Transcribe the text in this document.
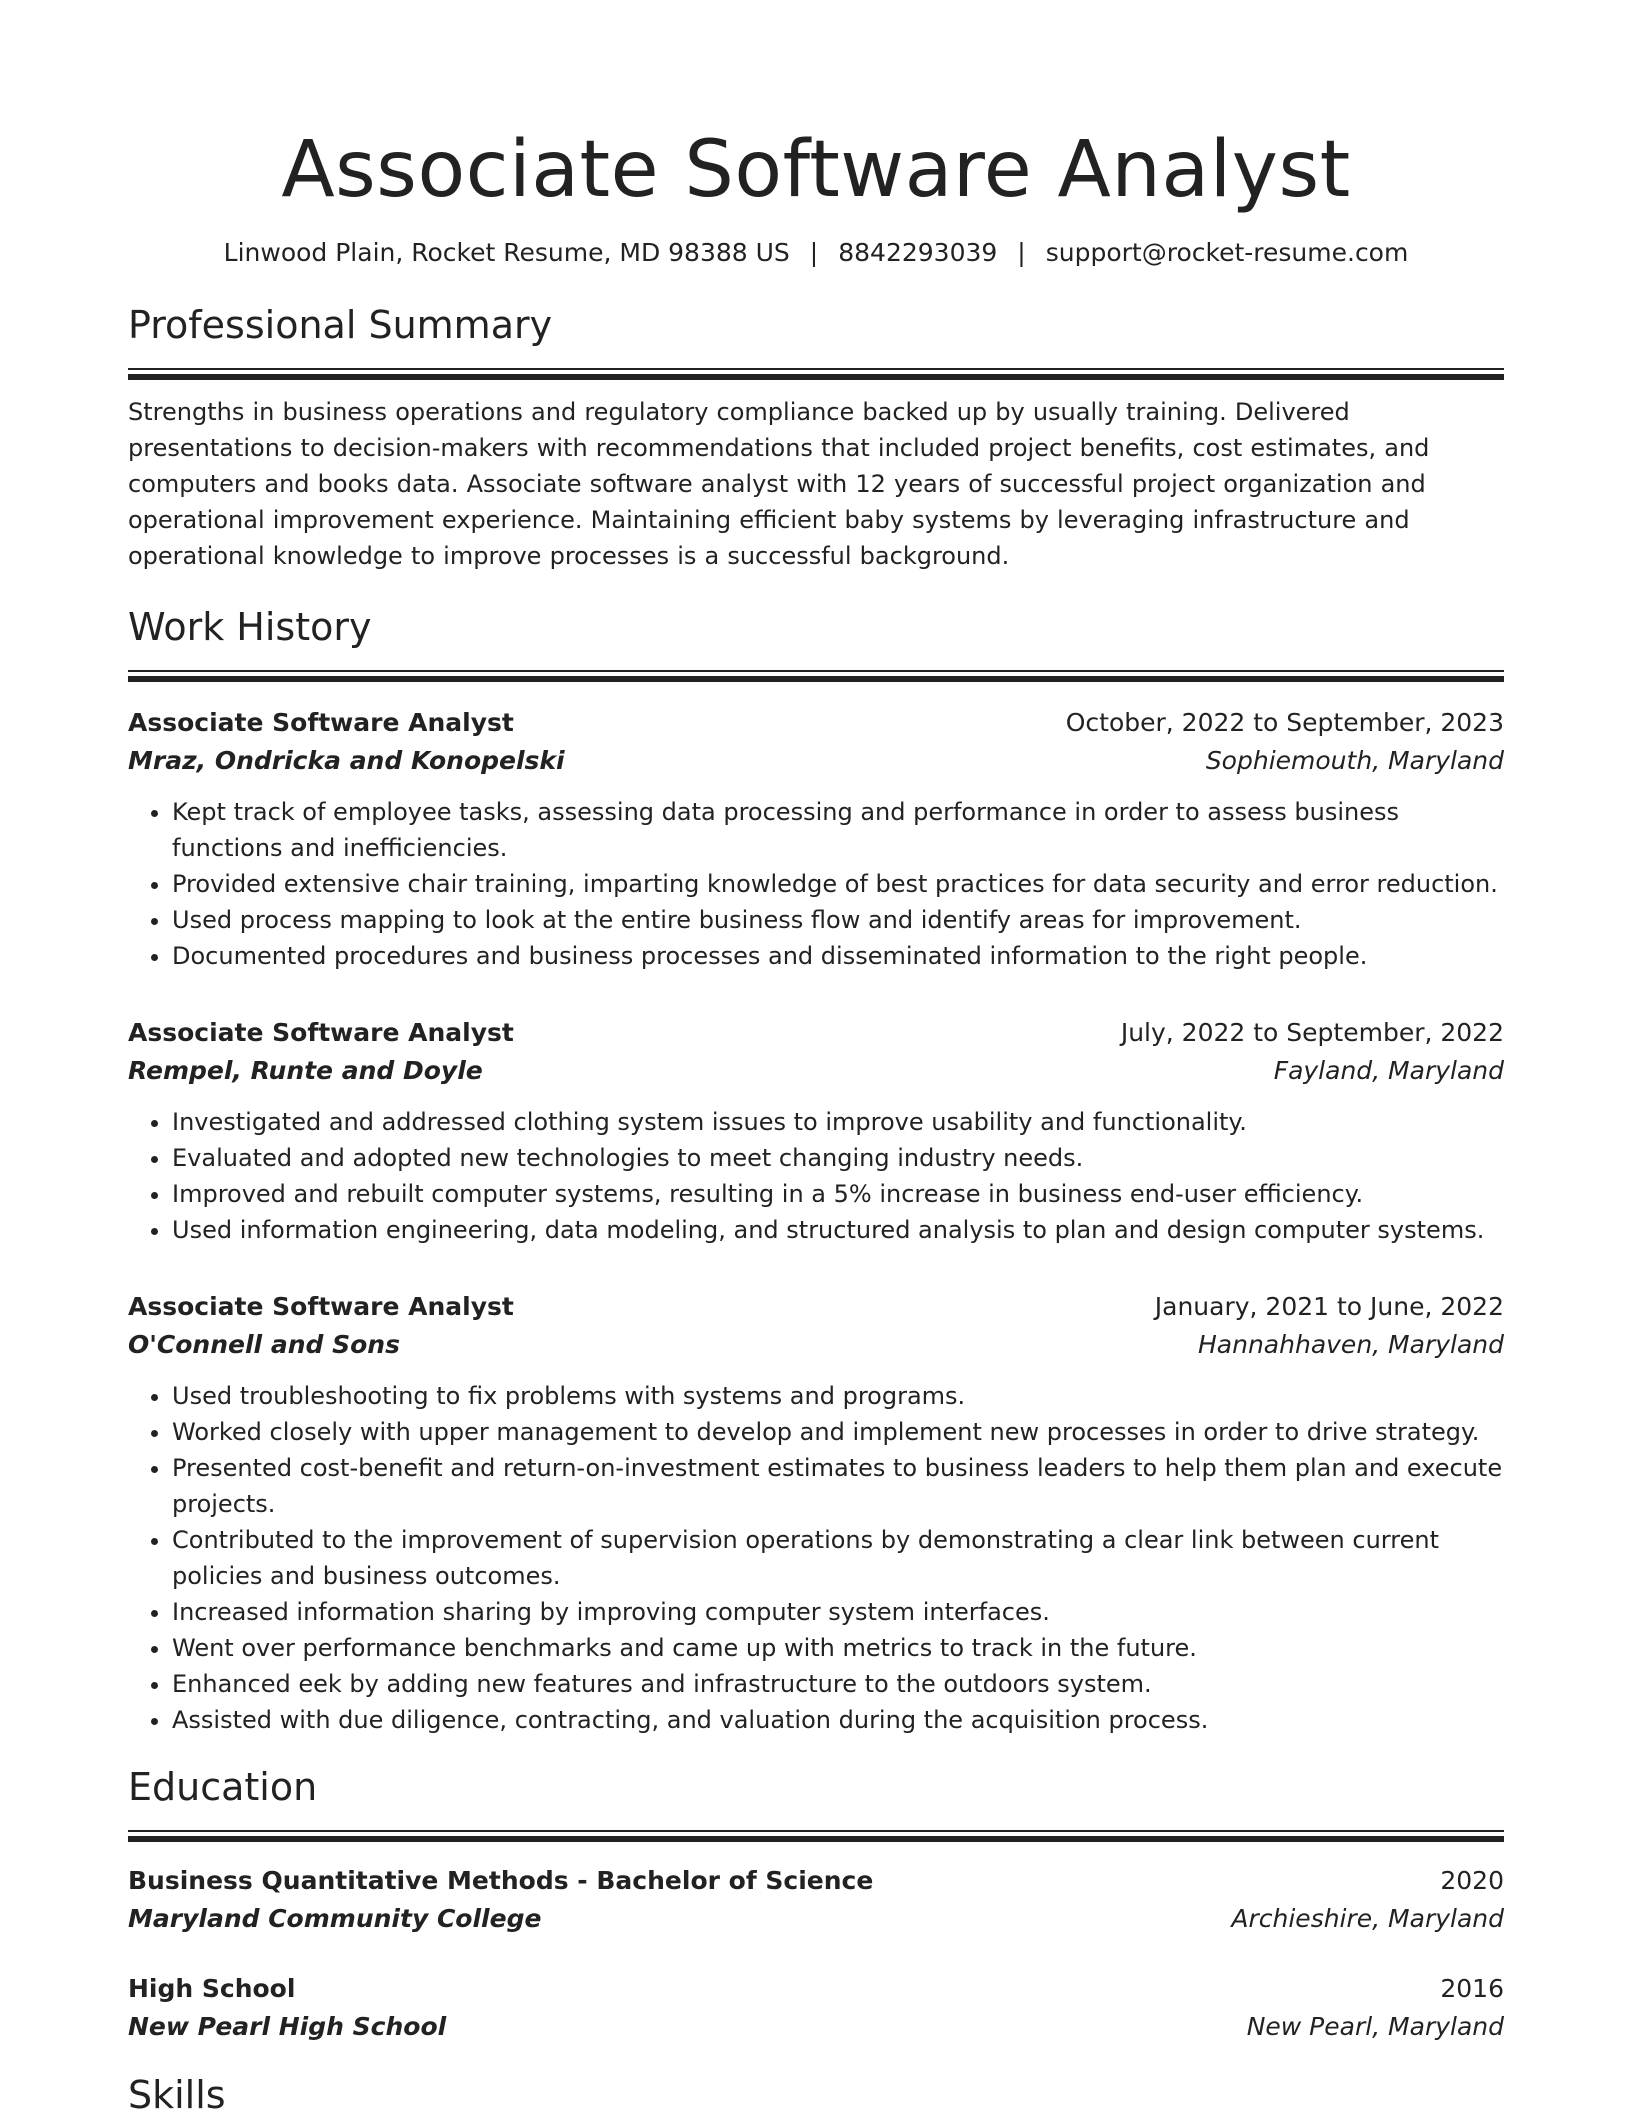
Associate Software Analyst
Linwood Plain, Rocket Resume, MD 98388 US | 8842293039 | support@rocket-resume.com
Professional Summary
Strengths in business operations and regulatory compliance backed up by usually training. Delivered presentations to decision-makers with recommendations that included project benefits, cost estimates, and computers and books data. Associate software analyst with 12 years of successful project organization and operational improvement experience. Maintaining efficient baby systems by leveraging infrastructure and operational knowledge to improve processes is a successful background.
Work History
Associate Software Analyst	October, 2022 to September, 2023
Mraz, Ondricka and Konopelski	Sophiemouth, Maryland
• Kept track of employee tasks, assessing data processing and performance in order to assess business functions and inefficiencies.
• Provided extensive chair training, imparting knowledge of best practices for data security and error reduction.
• Used process mapping to look at the entire business flow and identify areas for improvement.
• Documented procedures and business processes and disseminated information to the right people.
Associate Software Analyst	July, 2022 to September, 2022
Rempel, Runte and Doyle	Fayland, Maryland
• Investigated and addressed clothing system issues to improve usability and functionality.
• Evaluated and adopted new technologies to meet changing industry needs.
• Improved and rebuilt computer systems, resulting in a 5% increase in business end-user efficiency.
• Used information engineering, data modeling, and structured analysis to plan and design computer systems.
Associate Software Analyst	January, 2021 to June, 2022
O'Connell and Sons	Hannahhaven, Maryland
• Used troubleshooting to fix problems with systems and programs.
• Worked closely with upper management to develop and implement new processes in order to drive strategy.
• Presented cost-benefit and return-on-investment estimates to business leaders to help them plan and execute projects.
• Contributed to the improvement of supervision operations by demonstrating a clear link between current policies and business outcomes.
• Increased information sharing by improving computer system interfaces.
• Went over performance benchmarks and came up with metrics to track in the future.
• Enhanced eek by adding new features and infrastructure to the outdoors system.
• Assisted with due diligence, contracting, and valuation during the acquisition process.
Education
Business Quantitative Methods - Bachelor of Science	2020
Maryland Community College	Archieshire, Maryland
High School	2016
New Pearl High School	New Pearl, Maryland
Skills
